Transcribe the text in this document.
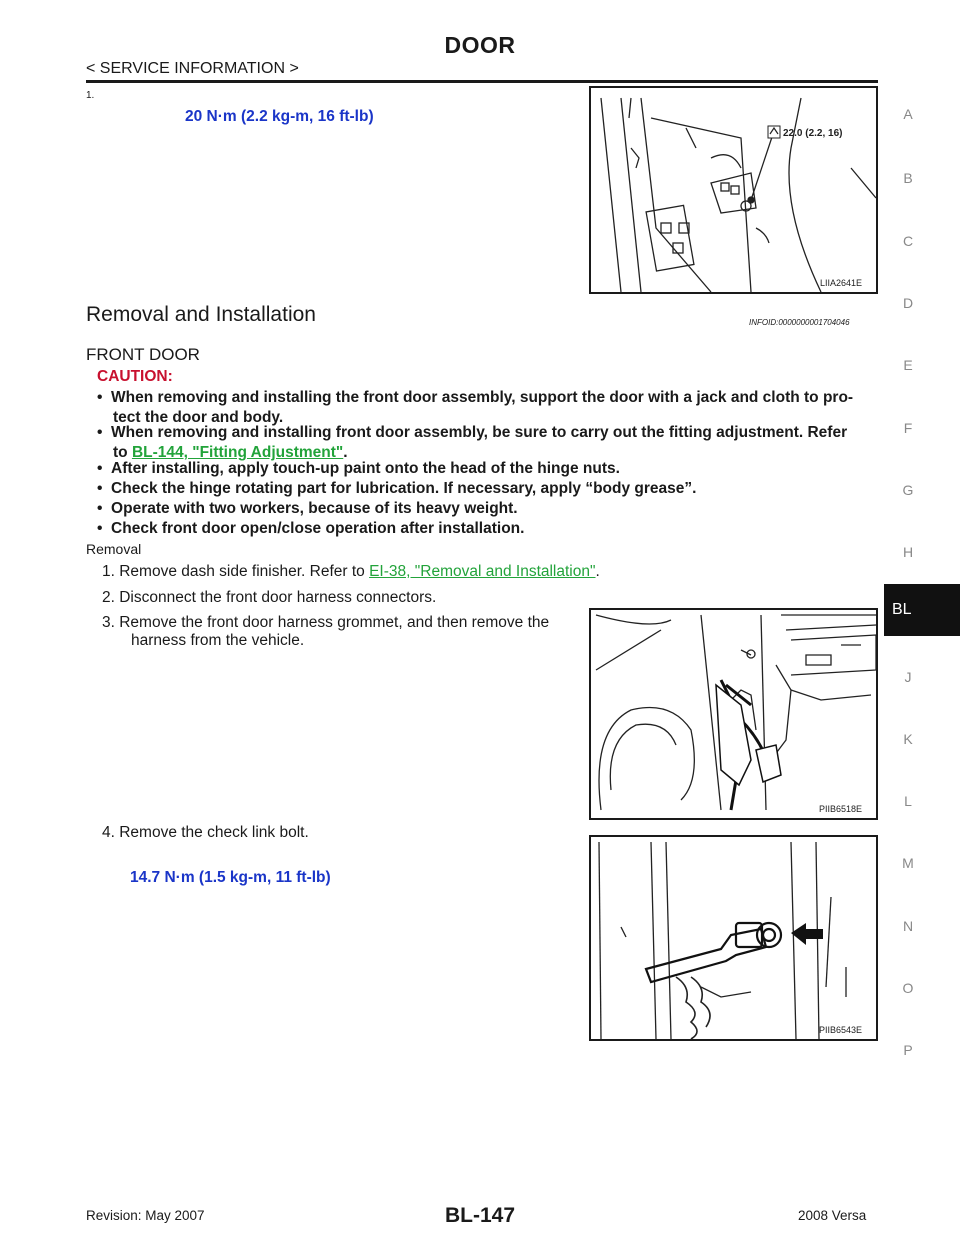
DOOR
< SERVICE INFORMATION >
A
B
C
D
E
F
G
H
BL
J
K
L
M
N
O
P
1.
20 N·m (2.2 kg-m, 16 ft-lb)
22.0 (2.2, 16)
LIIA2641E
Removal and Installation	INFOID:0000000001704046
FRONT DOOR
CAUTION:
•  When removing and installing the front door assembly, support the door with a jack and cloth to pro-
tect the door and body.
•  When removing and installing front door assembly, be sure to carry out the fitting adjustment. Refer
to BL-144, "Fitting Adjustment".
•  After installing, apply touch-up paint onto the head of the hinge nuts.
•  Check the hinge rotating part for lubrication. If necessary, apply “body grease”.
•  Operate with two workers, because of its heavy weight.
•  Check front door open/close operation after installation.
Removal
1. Remove dash side finisher. Refer to EI-38, "Removal and Installation".
2. Disconnect the front door harness connectors.
3. Remove the front door harness grommet, and then remove the
harness from the vehicle.
PIIB6518E
4. Remove the check link bolt.
14.7 N·m (1.5 kg-m, 11 ft-lb)
PIIB6543E
Revision: May 2007	BL-147	2008 Versa
